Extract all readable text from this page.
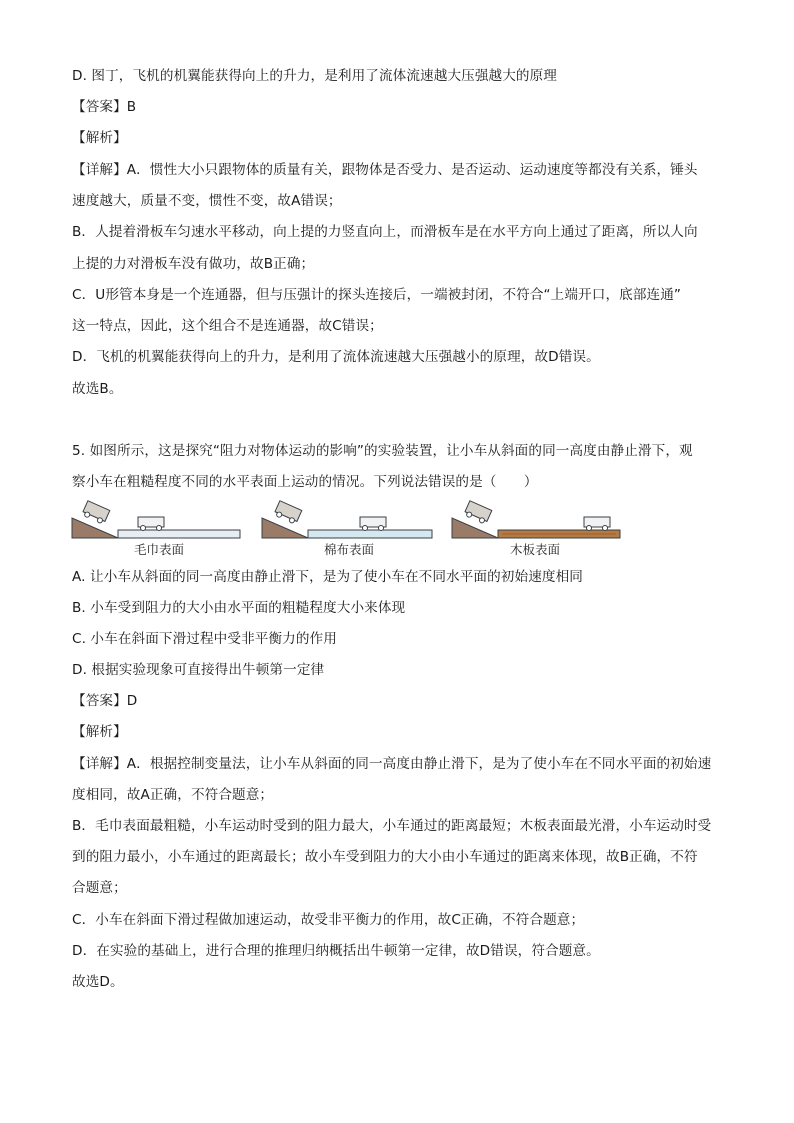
D. 图丁，飞机的机翼能获得向上的升力，是利用了流体流速越大压强越大的原理
【答案】B
【解析】
【详解】A．惯性大小只跟物体的质量有关，跟物体是否受力、是否运动、运动速度等都没有关系，锤头
速度越大，质量不变，惯性不变，故A错误；
B．人提着滑板车匀速水平移动，向上提的力竖直向上，而滑板车是在水平方向上通过了距离，所以人向
上提的力对滑板车没有做功，故B正确；
C．U形管本身是一个连通器，但与压强计的探头连接后，一端被封闭，不符合“上端开口，底部连通”
这一特点，因此，这个组合不是连通器，故C错误；
D．飞机的机翼能获得向上的升力，是利用了流体流速越大压强越小的原理，故D错误。
故选B。
5. 如图所示，这是探究“阻力对物体运动的影响”的实验装置，让小车从斜面的同一高度由静止滑下，观
察小车在粗糙程度不同的水平表面上运动的情况。下列说法错误的是（　　）
毛巾表面	棉布表面	木板表面
A. 让小车从斜面的同一高度由静止滑下，是为了使小车在不同水平面的初始速度相同
B. 小车受到阻力的大小由水平面的粗糙程度大小来体现
C. 小车在斜面下滑过程中受非平衡力的作用
D. 根据实验现象可直接得出牛顿第一定律
【答案】D
【解析】
【详解】A．根据控制变量法，让小车从斜面的同一高度由静止滑下，是为了使小车在不同水平面的初始速
度相同，故A正确，不符合题意；
B．毛巾表面最粗糙，小车运动时受到的阻力最大，小车通过的距离最短；木板表面最光滑，小车运动时受
到的阻力最小，小车通过的距离最长；故小车受到阻力的大小由小车通过的距离来体现，故B正确，不符
合题意；
C．小车在斜面下滑过程做加速运动，故受非平衡力的作用，故C正确，不符合题意；
D．在实验的基础上，进行合理的推理归纳概括出牛顿第一定律，故D错误，符合题意。
故选D。
